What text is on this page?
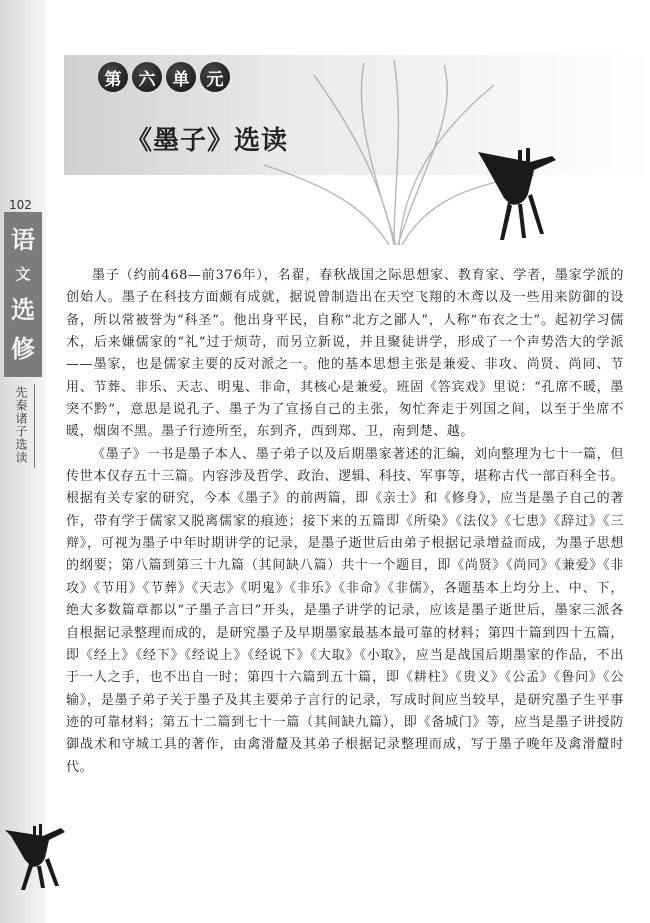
102
语
文
选
修
先秦诸子选读
第	六	单	元
《墨子》选读

墨子（约前468—前376年），名翟，春秋战国之际思想家、教育家、学者，墨家学派的创始人。墨子在科技方面颇有成就，据说曾制造出在天空飞翔的木鸢以及一些用来防御的设备，所以常被誉为“科圣”。他出身平民，自称“北方之鄙人”，人称“布衣之士”。起初学习儒术，后来嫌儒家的“礼”过于烦苛，而另立新说，并且聚徒讲学，形成了一个声势浩大的学派——墨家，也是儒家主要的反对派之一。他的基本思想主张是兼爱、非攻、尚贤、尚同、节用、节葬、非乐、天志、明鬼、非命，其核心是兼爱。班固《答宾戏》里说：“孔席不暖，墨突不黔”，意思是说孔子、墨子为了宣扬自己的主张，匆忙奔走于列国之间，以至于坐席不暖，烟囱不黑。墨子行迹所至，东到齐，西到郑、卫，南到楚、越。

《墨子》一书是墨子本人、墨子弟子以及后期墨家著述的汇编，刘向整理为七十一篇，但传世本仅存五十三篇。内容涉及哲学、政治、逻辑、科技、军事等，堪称古代一部百科全书。根据有关专家的研究，今本《墨子》的前两篇，即《亲士》和《修身》，应当是墨子自己的著作，带有学于儒家又脱离儒家的痕迹；接下来的五篇即《所染》《法仪》《七患》《辞过》《三辩》，可视为墨子中年时期讲学的记录，是墨子逝世后由弟子根据记录增益而成，为墨子思想的纲要；第八篇到第三十九篇（其间缺八篇）共十一个题目，即《尚贤》《尚同》《兼爱》《非攻》《节用》《节葬》《天志》《明鬼》《非乐》《非命》《非儒》，各题基本上均分上、中、下，绝大多数篇章都以“子墨子言曰”开头，是墨子讲学的记录，应该是墨子逝世后，墨家三派各自根据记录整理而成的，是研究墨子及早期墨家最基本最可靠的材料；第四十篇到四十五篇，即《经上》《经下》《经说上》《经说下》《大取》《小取》，应当是战国后期墨家的作品，不出于一人之手，也不出自一时；第四十六篇到五十篇，即《耕柱》《贵义》《公孟》《鲁问》《公输》，是墨子弟子关于墨子及其主要弟子言行的记录，写成时间应当较早，是研究墨子生平事迹的可靠材料；第五十二篇到七十一篇（其间缺九篇），即《备城门》等，应当是墨子讲授防御战术和守城工具的著作，由禽滑釐及其弟子根据记录整理而成，写于墨子晚年及禽滑釐时代。
